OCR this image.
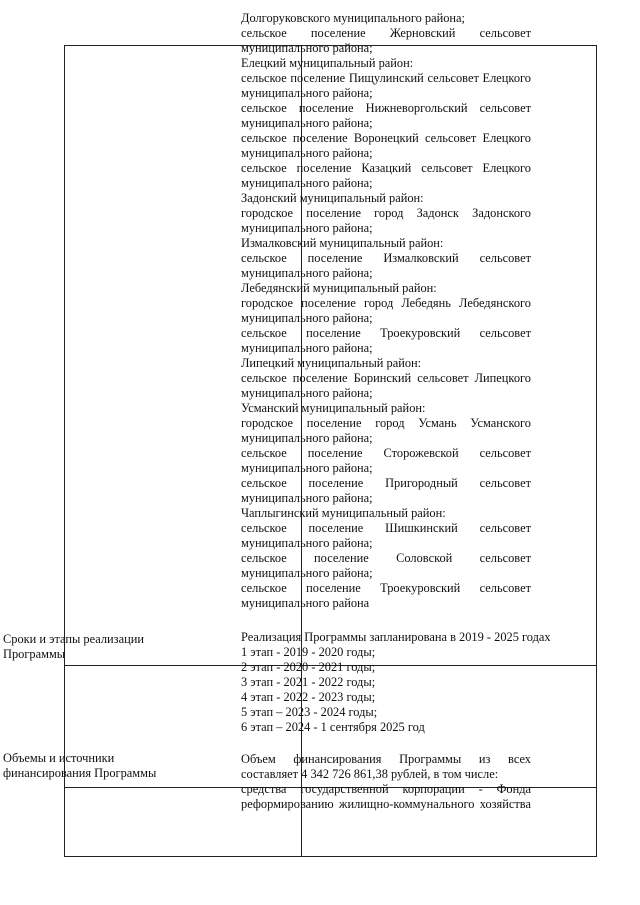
Долгоруковского муниципального района;
сельское поселение Жерновский сельсовет
муниципального района;
Елецкий муниципальный район:
сельское поселение Пищулинский сельсовет Елецкого
муниципального района;
сельское поселение Нижневоргольский сельсовет
муниципального района;
сельское поселение Воронецкий сельсовет Елецкого
муниципального района;
сельское поселение Казацкий сельсовет Елецкого
муниципального района;
Задонский муниципальный район:
городское поселение город Задонск Задонского
муниципального района;
Измалковский муниципальный район:
сельское поселение Измалковский сельсовет
муниципального района;
Лебедянский муниципальный район:
городское поселение город Лебедянь Лебедянского
муниципального района;
сельское поселение Троекуровский сельсовет
муниципального района;
Липецкий муниципальный район:
сельское поселение Боринский сельсовет Липецкого
муниципального района;
Усманский муниципальный район:
городское поселение город Усмань Усманского
муниципального района;
сельское поселение Сторожевской сельсовет
муниципального района;
сельское поселение Пригородный сельсовет
муниципального района;
Чаплыгинский муниципальный район:
сельское поселение Шишкинский сельсовет
муниципального района;
сельское поселение Соловской сельсовет
муниципального района;
сельское поселение Троекуровский сельсовет
муниципального района
Сроки и этапы реализации
Программы
Реализация Программы запланирована в 2019 - 2025 годах
1 этап - 2019 - 2020 годы;
2 этап - 2020 - 2021 годы;
3 этап - 2021 - 2022 годы;
4 этап - 2022 - 2023 годы;
5 этап – 2023 - 2024 годы;
6 этап – 2024 - 1 сентября 2025 год
Объемы и источники
финансирования Программы
Объем финансирования Программы из всех
составляет 4 342 726 861,38 рублей, в том числе:
средства государственной корпорации - Фонда
реформированию жилищно-коммунального хозяйства
